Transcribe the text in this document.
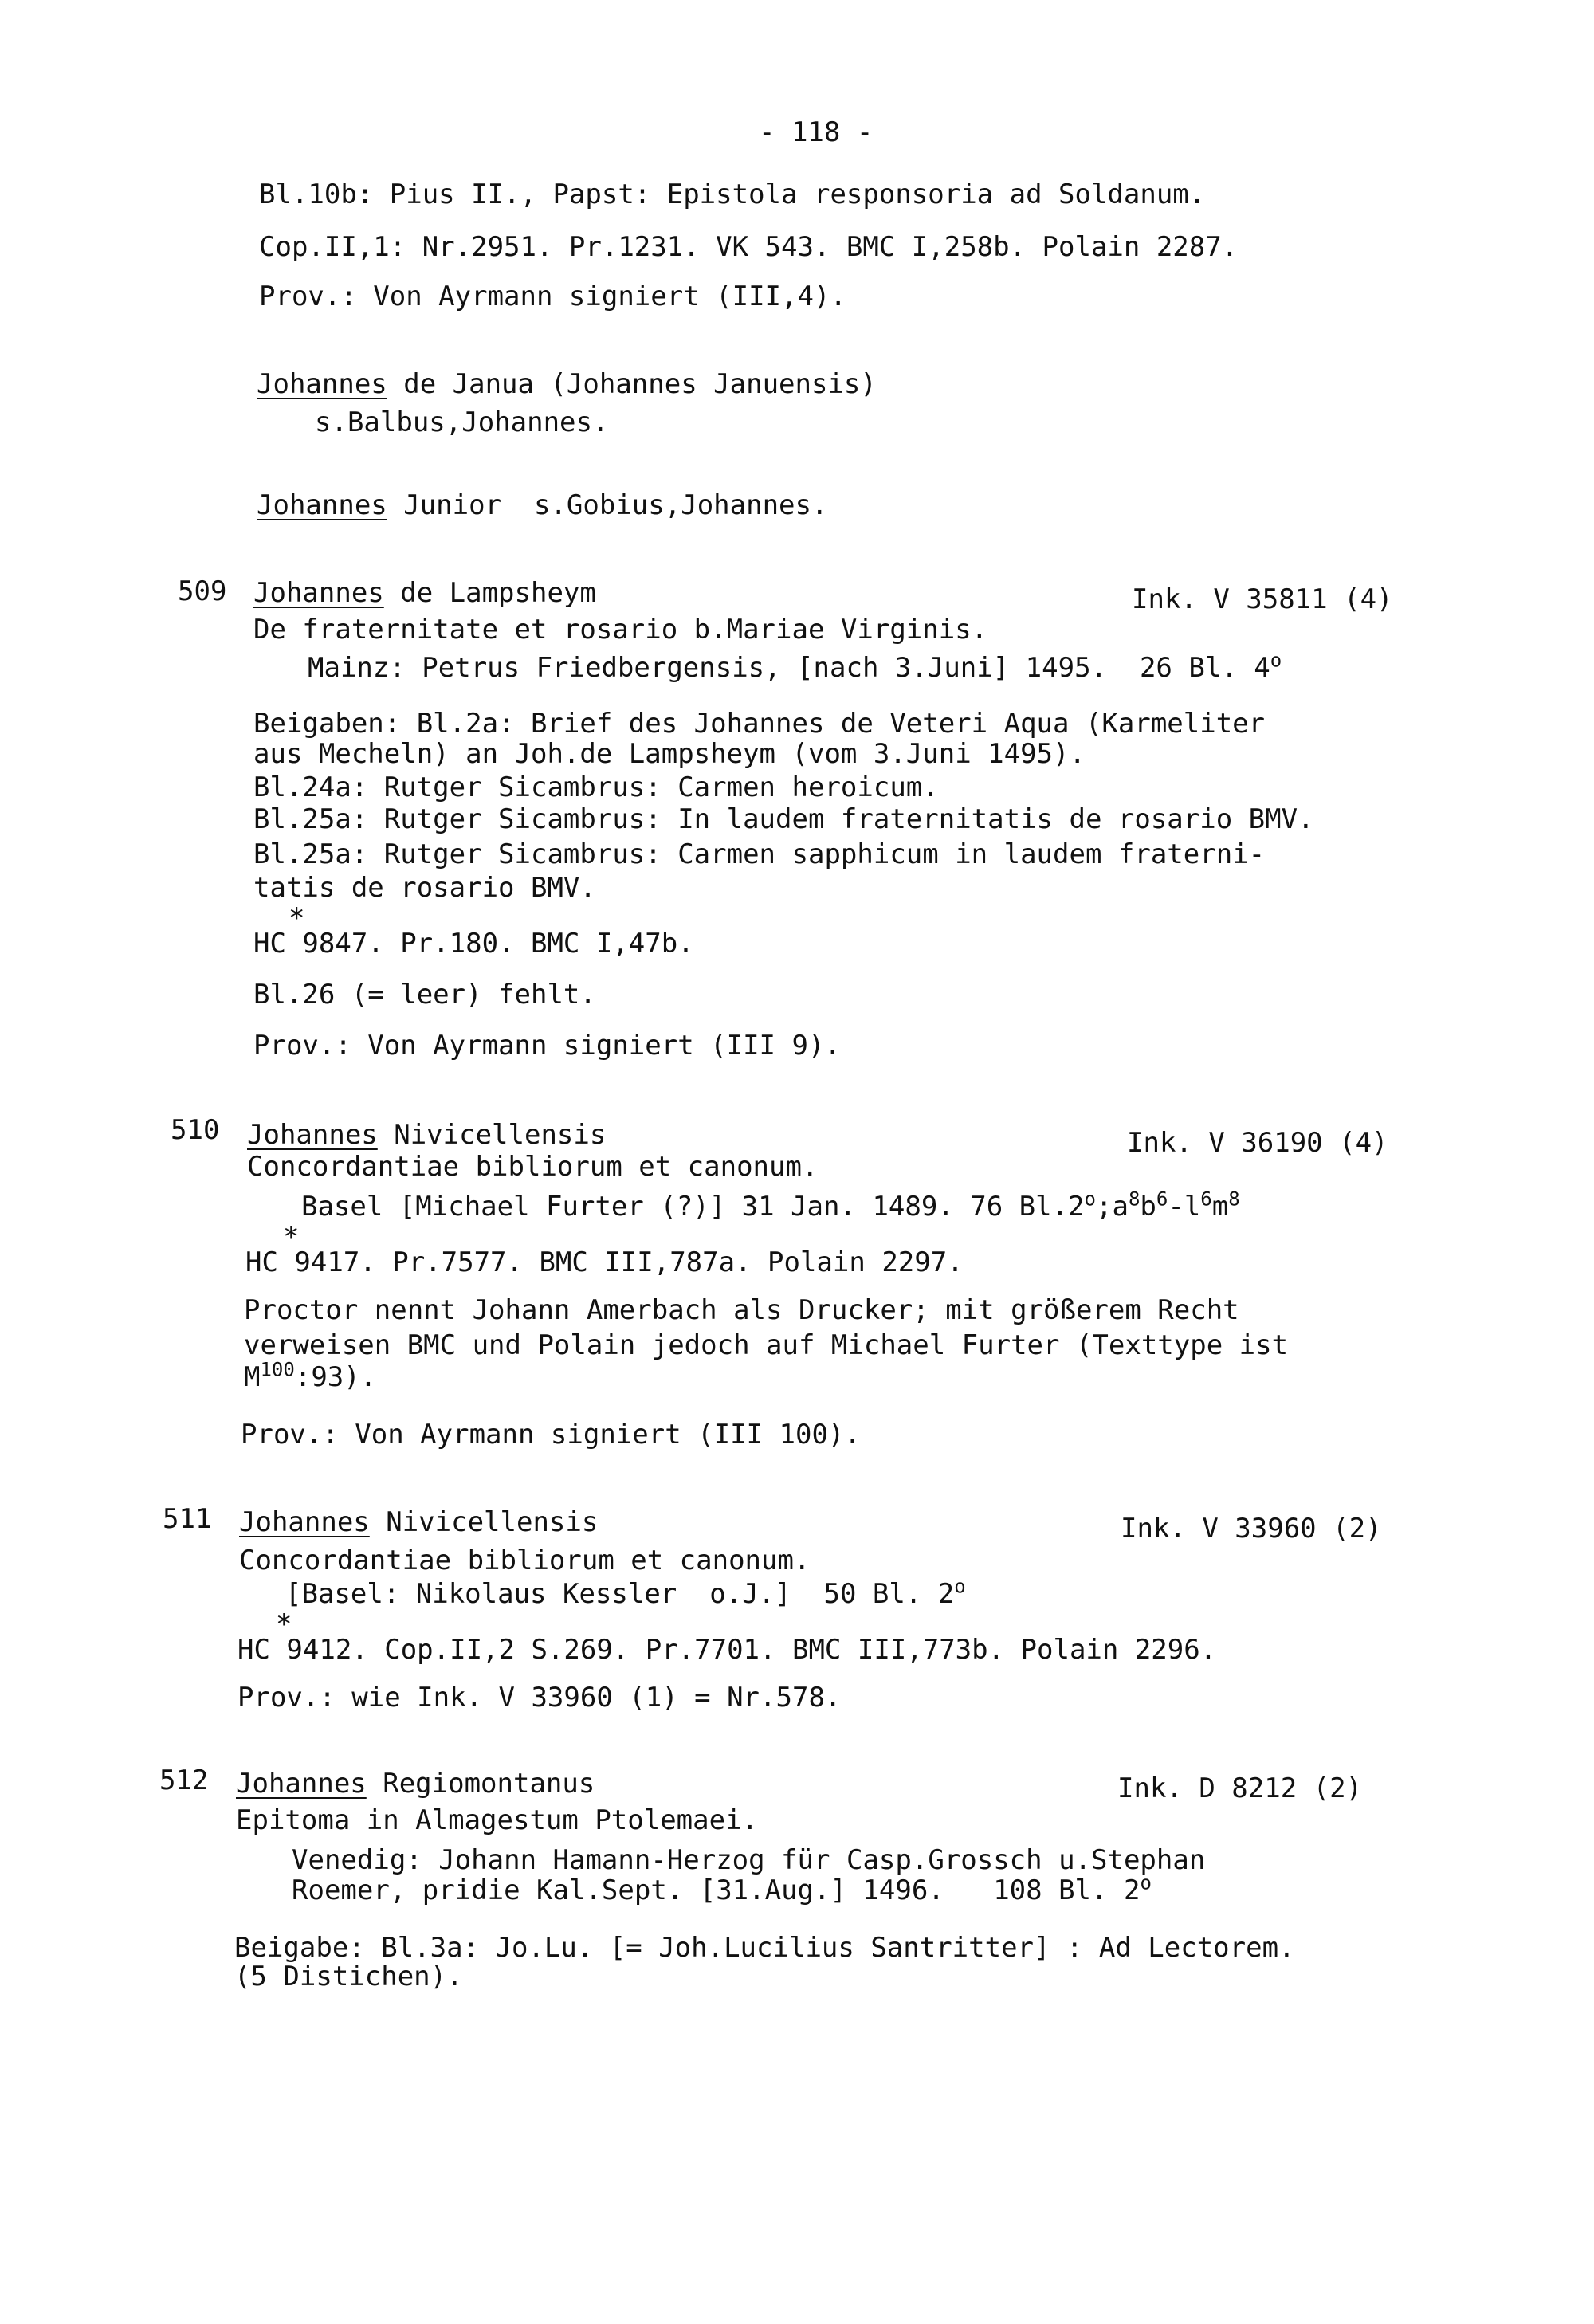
- 118 -
Bl.10b: Pius II., Papst: Epistola responsoria ad Soldanum.
Cop.II,1: Nr.2951. Pr.1231. VK 543. BMC I,258b. Polain 2287.
Prov.: Von Ayrmann signiert (III,4).
Johannes de Janua (Johannes Januensis)
s.Balbus,Johannes.
Johannes Junior  s.Gobius,Johannes.
509 Johannes de Lampsheym	Ink. V 35811 (4)
De fraternitate et rosario b.Mariae Virginis.
Mainz: Petrus Friedbergensis, [nach 3.Juni] 1495.  26 Bl. 4$^o$
Beigaben: Bl.2a: Brief des Johannes de Veteri Aqua (Karmeliter
aus Mecheln) an Joh.de Lampsheym (vom 3.Juni 1495).
Bl.24a: Rutger Sicambrus: Carmen heroicum.
Bl.25a: Rutger Sicambrus: In laudem fraternitatis de rosario BMV.
Bl.25a: Rutger Sicambrus: Carmen sapphicum in laudem fraterni-
tatis de rosario BMV.
*
HC 9847. Pr.180. BMC I,47b.
Bl.26 (= leer) fehlt.
Prov.: Von Ayrmann signiert (III 9).
510 Johannes Nivicellensis	Ink. V 36190 (4)
Concordantiae bibliorum et canonum.
Basel [Michael Furter (?)] 31 Jan. 1489. 76 $Bl.2^o;a^8b^6-l^6m^8$
*
HC 9417. Pr.7577. BMC III,787a. Polain 2297.
Proctor nennt Johann Amerbach als Drucker; mit größerem Recht
verweisen BMC und Polain jedoch auf Michael Furter (Texttype ist
$M^{100}:93$).
Prov.: Von Ayrmann signiert (III 100).
511 Johannes Nivicellensis	Ink. V 33960 (2)
Concordantiae bibliorum et canonum.
[Basel: Nikolaus Kessler  o.J.]  50 Bl. 2$^o$
*
HC 9412. Cop.II,2 S.269. Pr.7701. BMC III,773b. Polain 2296.
Prov.: wie Ink. V 33960 (1) = Nr.578.
512 Johannes Regiomontanus	Ink. D 8212 (2)
Epitoma in Almagestum Ptolemaei.
Venedig: Johann Hamann-Herzog für Casp.Grossch u.Stephan
Roemer, pridie Kal.Sept. [31.Aug.] 1496.   108 Bl. 2$^o$
Beigabe: Bl.3a: Jo.Lu. [= Joh.Lucilius Santritter] : Ad Lectorem.
(5 Distichen).
